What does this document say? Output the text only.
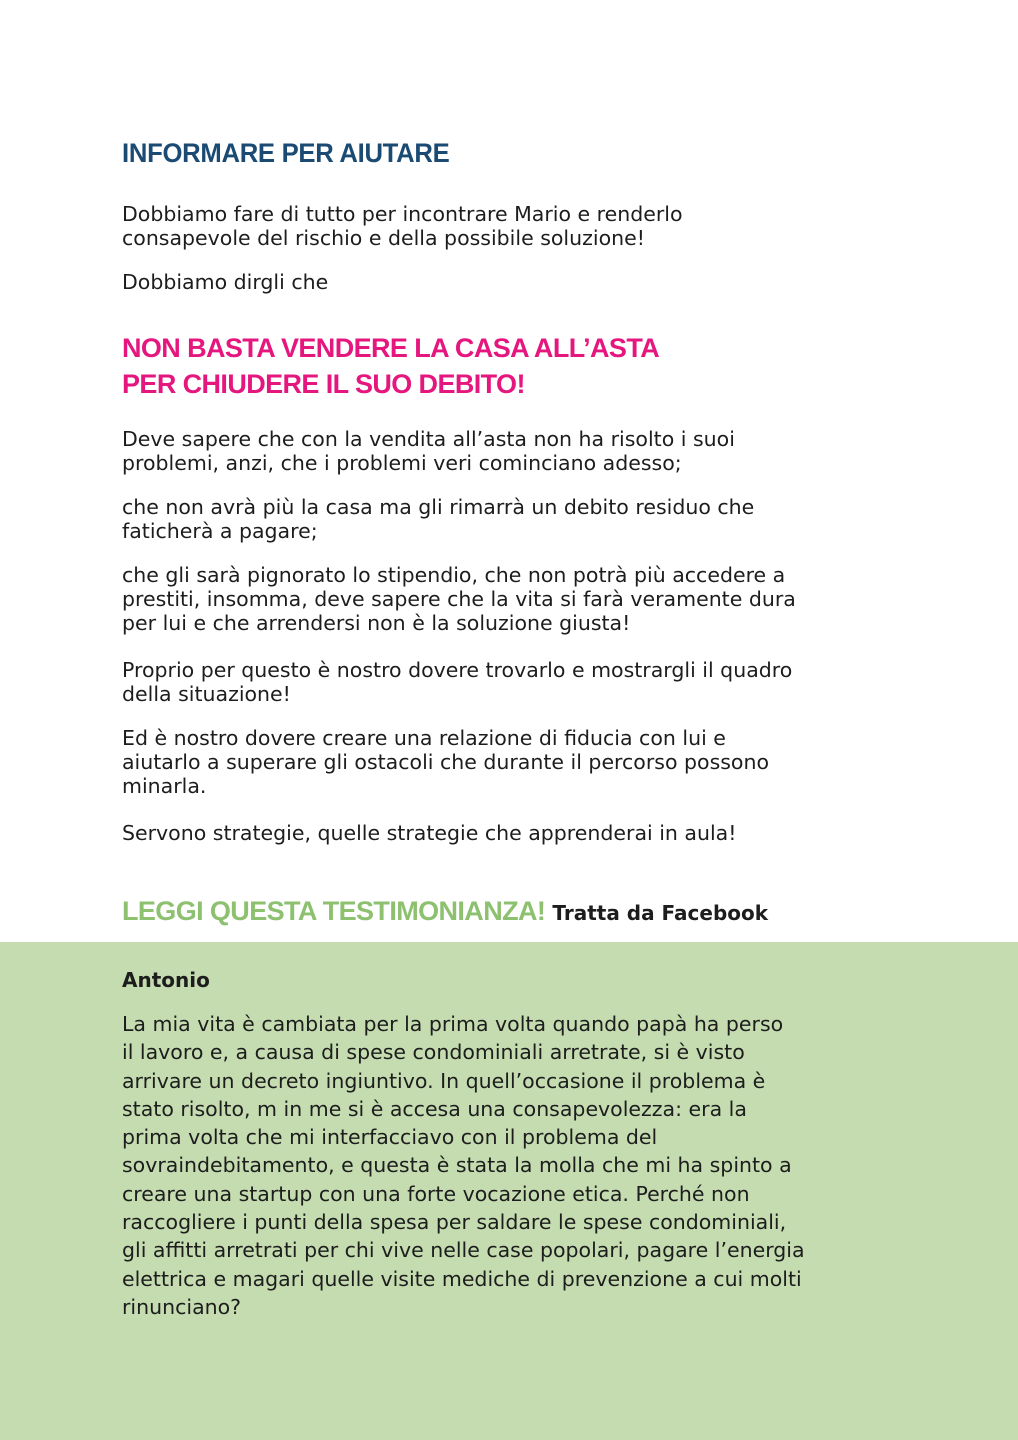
INFORMARE PER AIUTARE

Dobbiamo fare di tutto per incontrare Mario e renderlo
consapevole del rischio e della possibile soluzione!

Dobbiamo dirgli che

NON BASTA VENDERE LA CASA ALL’ASTA
PER CHIUDERE IL SUO DEBITO!

Deve sapere che con la vendita all’asta non ha risolto i suoi
problemi, anzi, che i problemi veri cominciano adesso;

che non avrà più la casa ma gli rimarrà un debito residuo che
faticherà a pagare;

che gli sarà pignorato lo stipendio, che non potrà più accedere a
prestiti, insomma, deve sapere che la vita si farà veramente dura
per lui e che arrendersi non è la soluzione giusta!

Proprio per questo è nostro dovere trovarlo e mostrargli il quadro
della situazione!

Ed è nostro dovere creare una relazione di fiducia con lui e
aiutarlo a superare gli ostacoli che durante il percorso possono
minarla.

Servono strategie, quelle strategie che apprenderai in aula!

LEGGI QUESTA TESTIMONIANZA! Tratta da Facebook

Antonio

La mia vita è cambiata per la prima volta quando papà ha perso
il lavoro e, a causa di spese condominiali arretrate, si è visto
arrivare un decreto ingiuntivo. In quell’occasione il problema è
stato risolto, m in me si è accesa una consapevolezza: era la
prima volta che mi interfacciavo con il problema del
sovraindebitamento, e questa è stata la molla che mi ha spinto a
creare una startup con una forte vocazione etica. Perché non
raccogliere i punti della spesa per saldare le spese condominiali,
gli affitti arretrati per chi vive nelle case popolari, pagare l’energia
elettrica e magari quelle visite mediche di prevenzione a cui molti
rinunciano?
